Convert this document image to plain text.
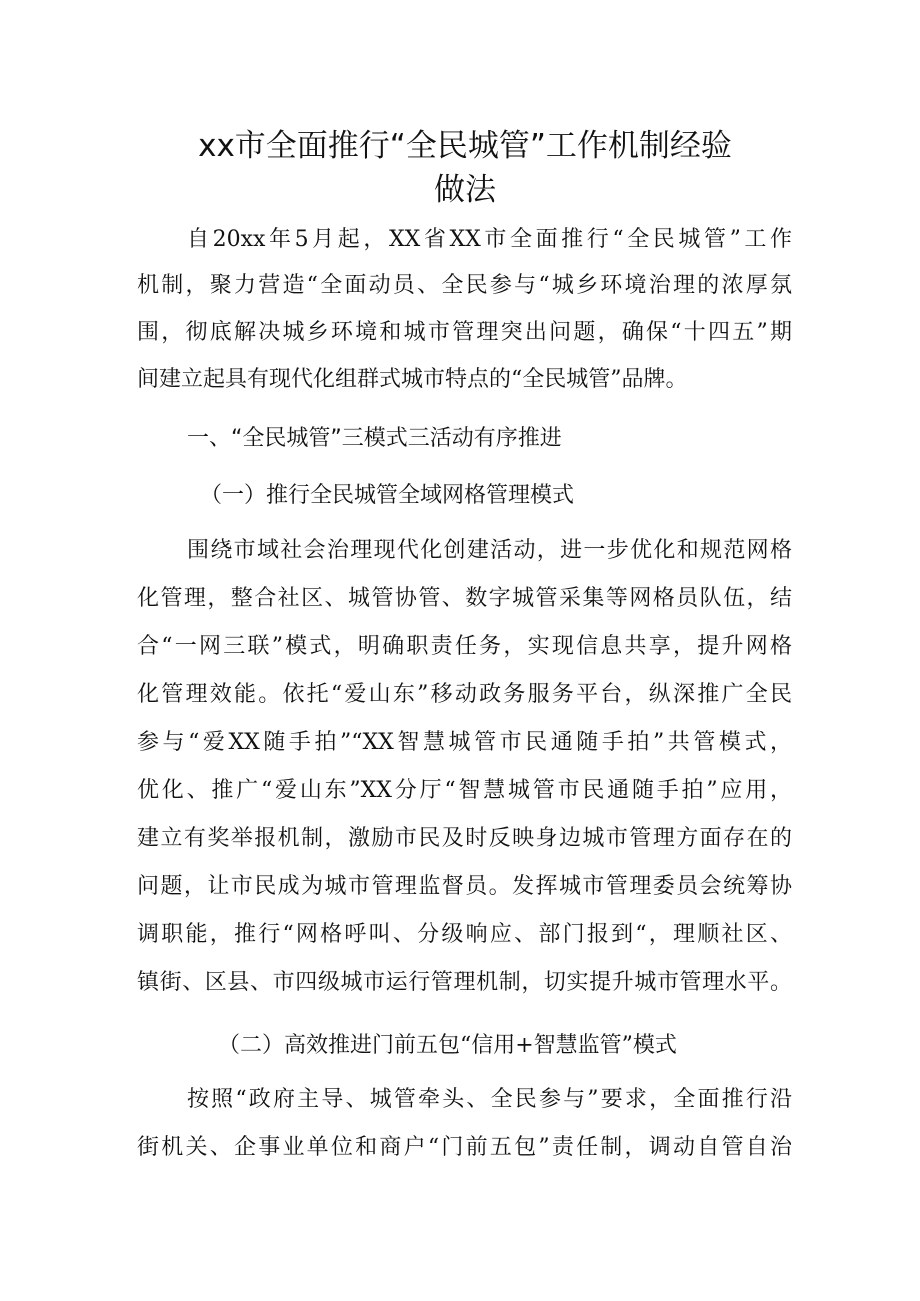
xx市全面推行“全民城管”工作机制经验
做法
自20xx年5月起，XX省XX市全面推行“全民城管”工作
机制，聚力营造“全面动员、全民参与“城乡环境治理的浓厚氛
围，彻底解决城乡环境和城市管理突出问题，确保“十四五”期
间建立起具有现代化组群式城市特点的“全民城管”品牌。
一、“全民城管”三模式三活动有序推进
（一）推行全民城管全域网格管理模式
围绕市域社会治理现代化创建活动，进一步优化和规范网格
化管理，整合社区、城管协管、数字城管采集等网格员队伍，结
合“一网三联”模式，明确职责任务，实现信息共享，提升网格
化管理效能。依托“爱山东”移动政务服务平台，纵深推广全民
参与“爱XX随手拍”“XX智慧城管市民通随手拍”共管模式，
优化、推广“爱山东”XX分厅“智慧城管市民通随手拍”应用，
建立有奖举报机制，激励市民及时反映身边城市管理方面存在的
问题，让市民成为城市管理监督员。发挥城市管理委员会统筹协
调职能，推行“网格呼叫、分级响应、部门报到“，理顺社区、
镇街、区县、市四级城市运行管理机制，切实提升城市管理水平。
（二）高效推进门前五包“信用+智慧监管”模式
按照“政府主导、城管牵头、全民参与”要求，全面推行沿
街机关、企事业单位和商户“门前五包”责任制，调动自管自治
